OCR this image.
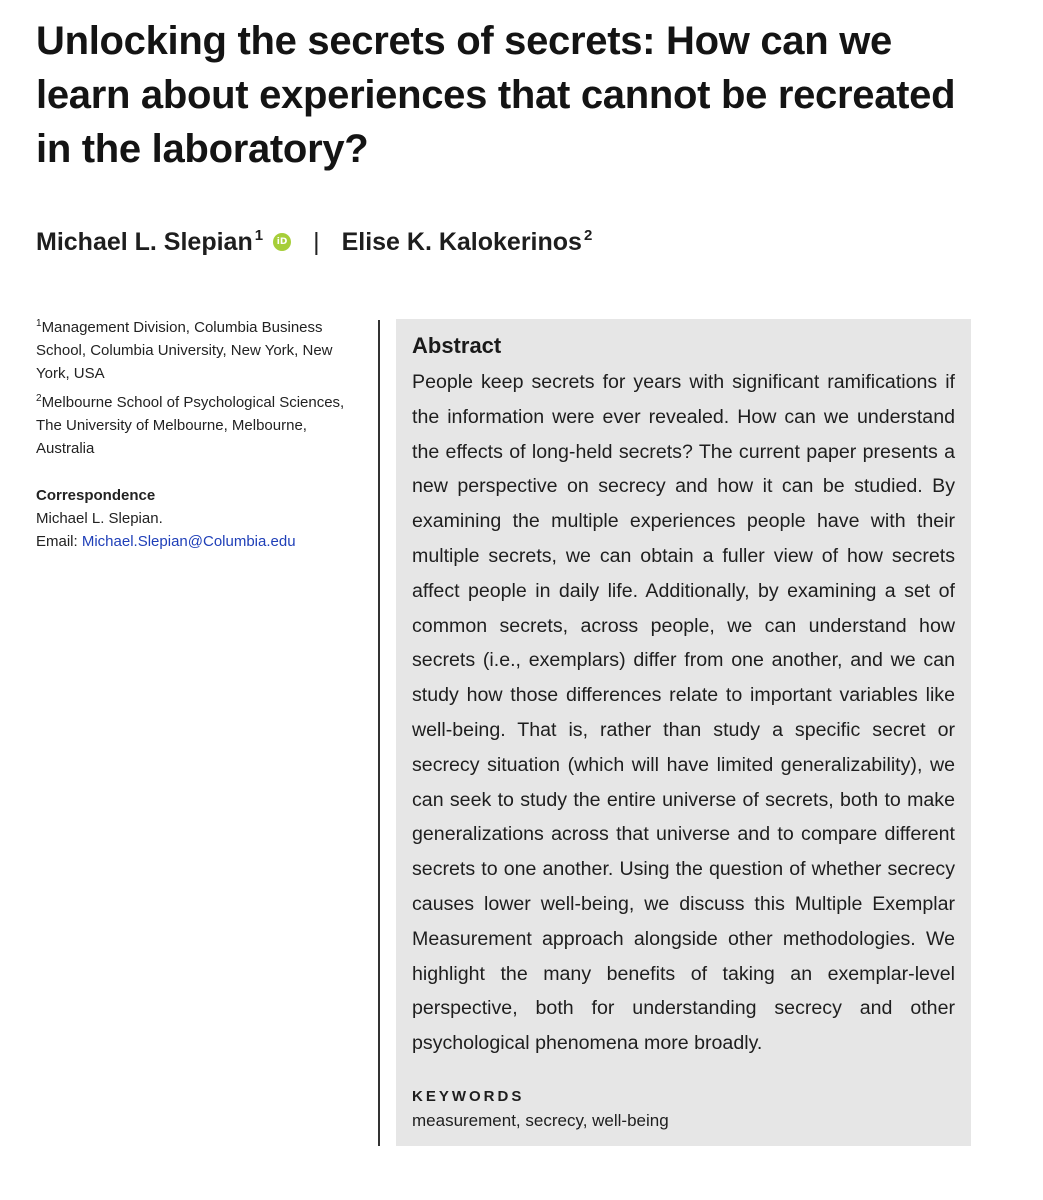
Unlocking the secrets of secrets: How can we learn about experiences that cannot be recreated in the laboratory?
Michael L. Slepian $^1$	iD | Elise K. Kalokerinos $^2$

$^1$Management Division, Columbia Business School, Columbia University, New York, New York, USA

$^2$Melbourne School of Psychological Sciences, The University of Melbourne, Melbourne, Australia

Correspondence
Michael L. Slepian.
Email: Michael.Slepian@Columbia.edu
Abstract

People keep secrets for years with significant ramifications if the information were ever revealed. How can we understand the effects of long-held secrets? The current paper presents a new perspective on secrecy and how it can be studied. By examining the multiple experiences people have with their multiple secrets, we can obtain a fuller view of how secrets affect people in daily life. Additionally, by examining a set of common secrets, across people, we can understand how secrets (i.e., exemplars) differ from one another, and we can study how those differences relate to important variables like well-being. That is, rather than study a specific secret or secrecy situation (which will have limited generalizability), we can seek to study the entire universe of secrets, both to make generalizations across that universe and to compare different secrets to one another. Using the question of whether secrecy causes lower well-being, we discuss this Multiple Exemplar Measurement approach alongside other methodologies. We highlight the many benefits of taking an exemplar-level perspective, both for understanding secrecy and other psychological phenomena more broadly.

KEYWORDS
measurement, secrecy, well-being
